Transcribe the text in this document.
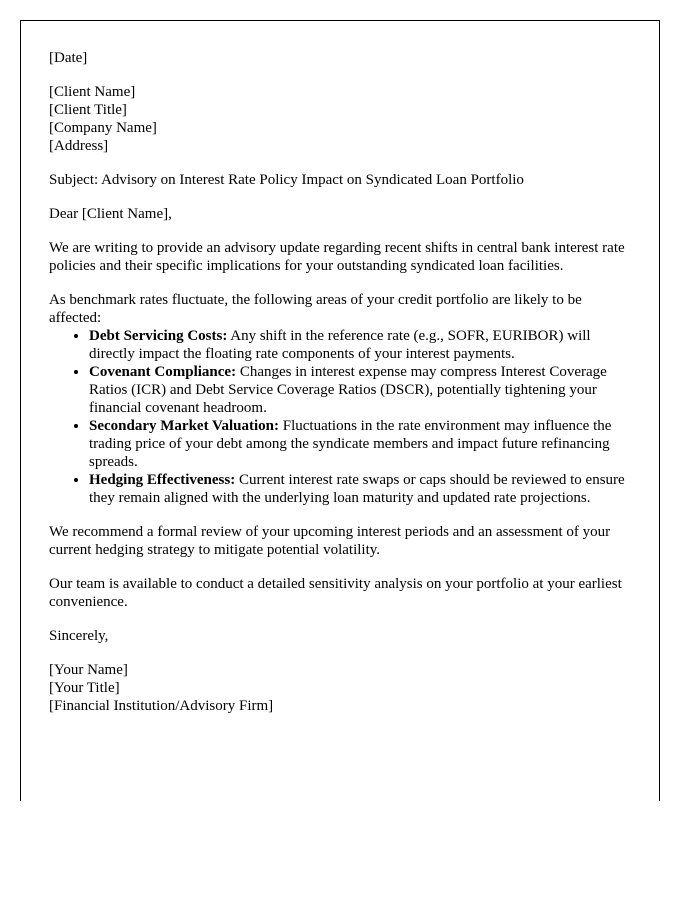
[Date]
[Client Name]
[Client Title]
[Company Name]
[Address]
Subject: Advisory on Interest Rate Policy Impact on Syndicated Loan Portfolio
Dear [Client Name],
We are writing to provide an advisory update regarding recent shifts in central bank interest rate policies and their specific implications for your outstanding syndicated loan facilities.
As benchmark rates fluctuate, the following areas of your credit portfolio are likely to be affected:
• Debt Servicing Costs: Any shift in the reference rate (e.g., SOFR, EURIBOR) will directly impact the floating rate components of your interest payments.
• Covenant Compliance: Changes in interest expense may compress Interest Coverage Ratios (ICR) and Debt Service Coverage Ratios (DSCR), potentially tightening your financial covenant headroom.
• Secondary Market Valuation: Fluctuations in the rate environment may influence the trading price of your debt among the syndicate members and impact future refinancing spreads.
• Hedging Effectiveness: Current interest rate swaps or caps should be reviewed to ensure they remain aligned with the underlying loan maturity and updated rate projections.
We recommend a formal review of your upcoming interest periods and an assessment of your current hedging strategy to mitigate potential volatility.
Our team is available to conduct a detailed sensitivity analysis on your portfolio at your earliest convenience.
Sincerely,
[Your Name]
[Your Title]
[Financial Institution/Advisory Firm]
